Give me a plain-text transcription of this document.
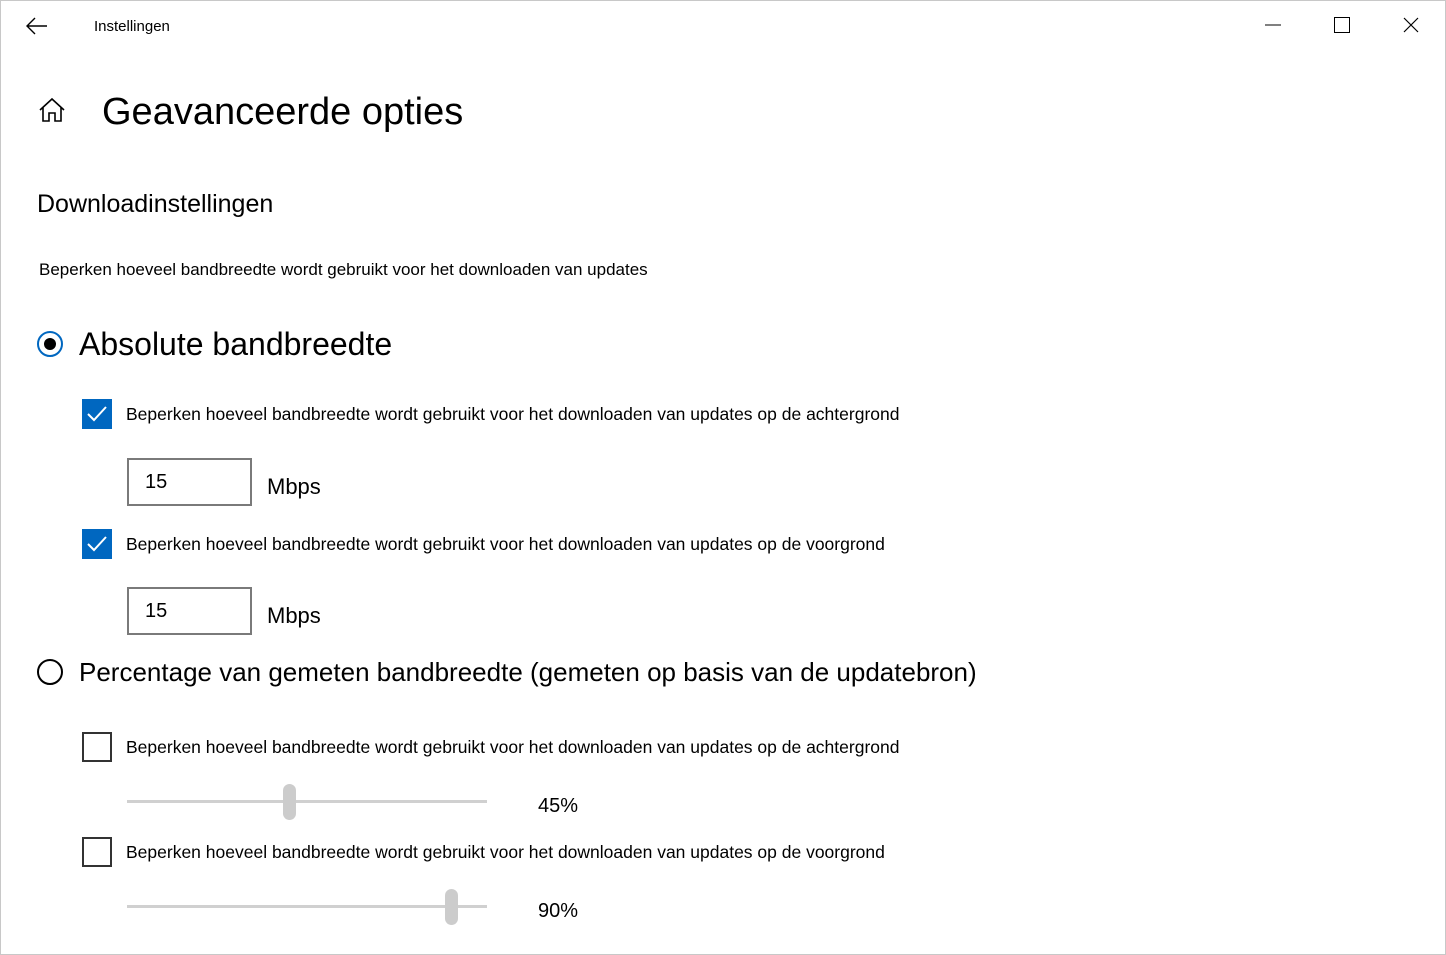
Instellingen
Geavanceerde opties
Downloadinstellingen
Beperken hoeveel bandbreedte wordt gebruikt voor het downloaden van updates
Absolute bandbreedte
Beperken hoeveel bandbreedte wordt gebruikt voor het downloaden van updates op de achtergrond
15
Mbps
Beperken hoeveel bandbreedte wordt gebruikt voor het downloaden van updates op de voorgrond
15
Mbps
Percentage van gemeten bandbreedte (gemeten op basis van de updatebron)
Beperken hoeveel bandbreedte wordt gebruikt voor het downloaden van updates op de achtergrond
45%
Beperken hoeveel bandbreedte wordt gebruikt voor het downloaden van updates op de voorgrond
90%
